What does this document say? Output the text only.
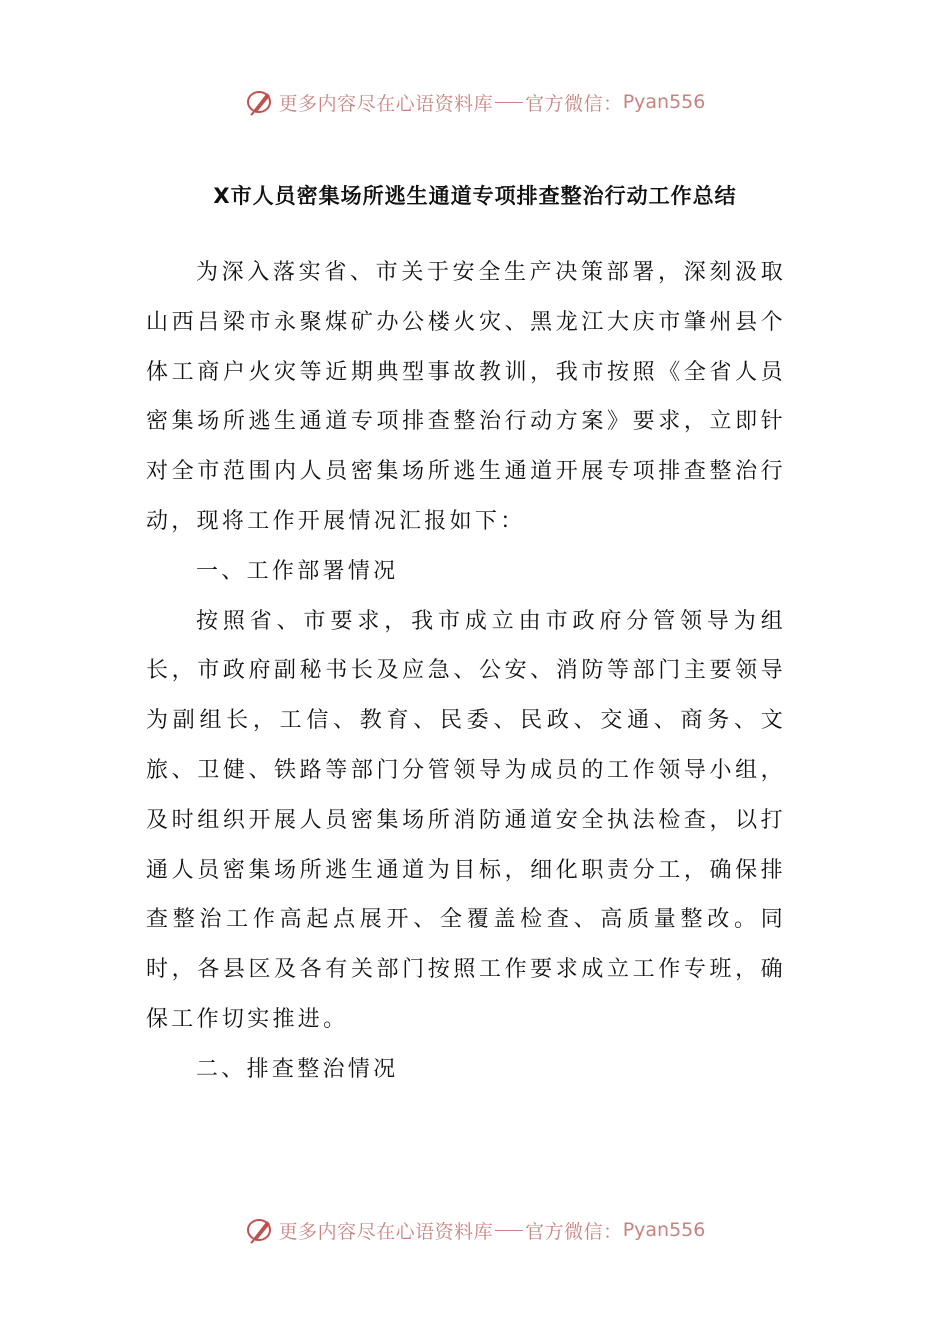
更多内容尽在心语资料库 官方微信： Pyan556
X市人员密集场所逃生通道专项排查整治行动工作总结

为深入落实省、市关于安全生产决策部署，深刻汲取山西吕梁市永聚煤矿办公楼火灾、黑龙江大庆市肇州县个体工商户火灾等近期典型事故教训，我市按照《全省人员密集场所逃生通道专项排查整治行动方案》要求，立即针对全市范围内人员密集场所逃生通道开展专项排查整治行动，现将工作开展情况汇报如下：

一、工作部署情况

按照省、市要求，我市成立由市政府分管领导为组长，市政府副秘书长及应急、公安、消防等部门主要领导为副组长，工信、教育、民委、民政、交通、商务、文旅、卫健、铁路等部门分管领导为成员的工作领导小组，及时组织开展人员密集场所消防通道安全执法检查，以打通人员密集场所逃生通道为目标，细化职责分工，确保排查整治工作高起点展开、全覆盖检查、高质量整改。同时，各县区及各有关部门按照工作要求成立工作专班，确保工作切实推进。

二、排查整治情况

更多内容尽在心语资料库 官方微信： Pyan556
